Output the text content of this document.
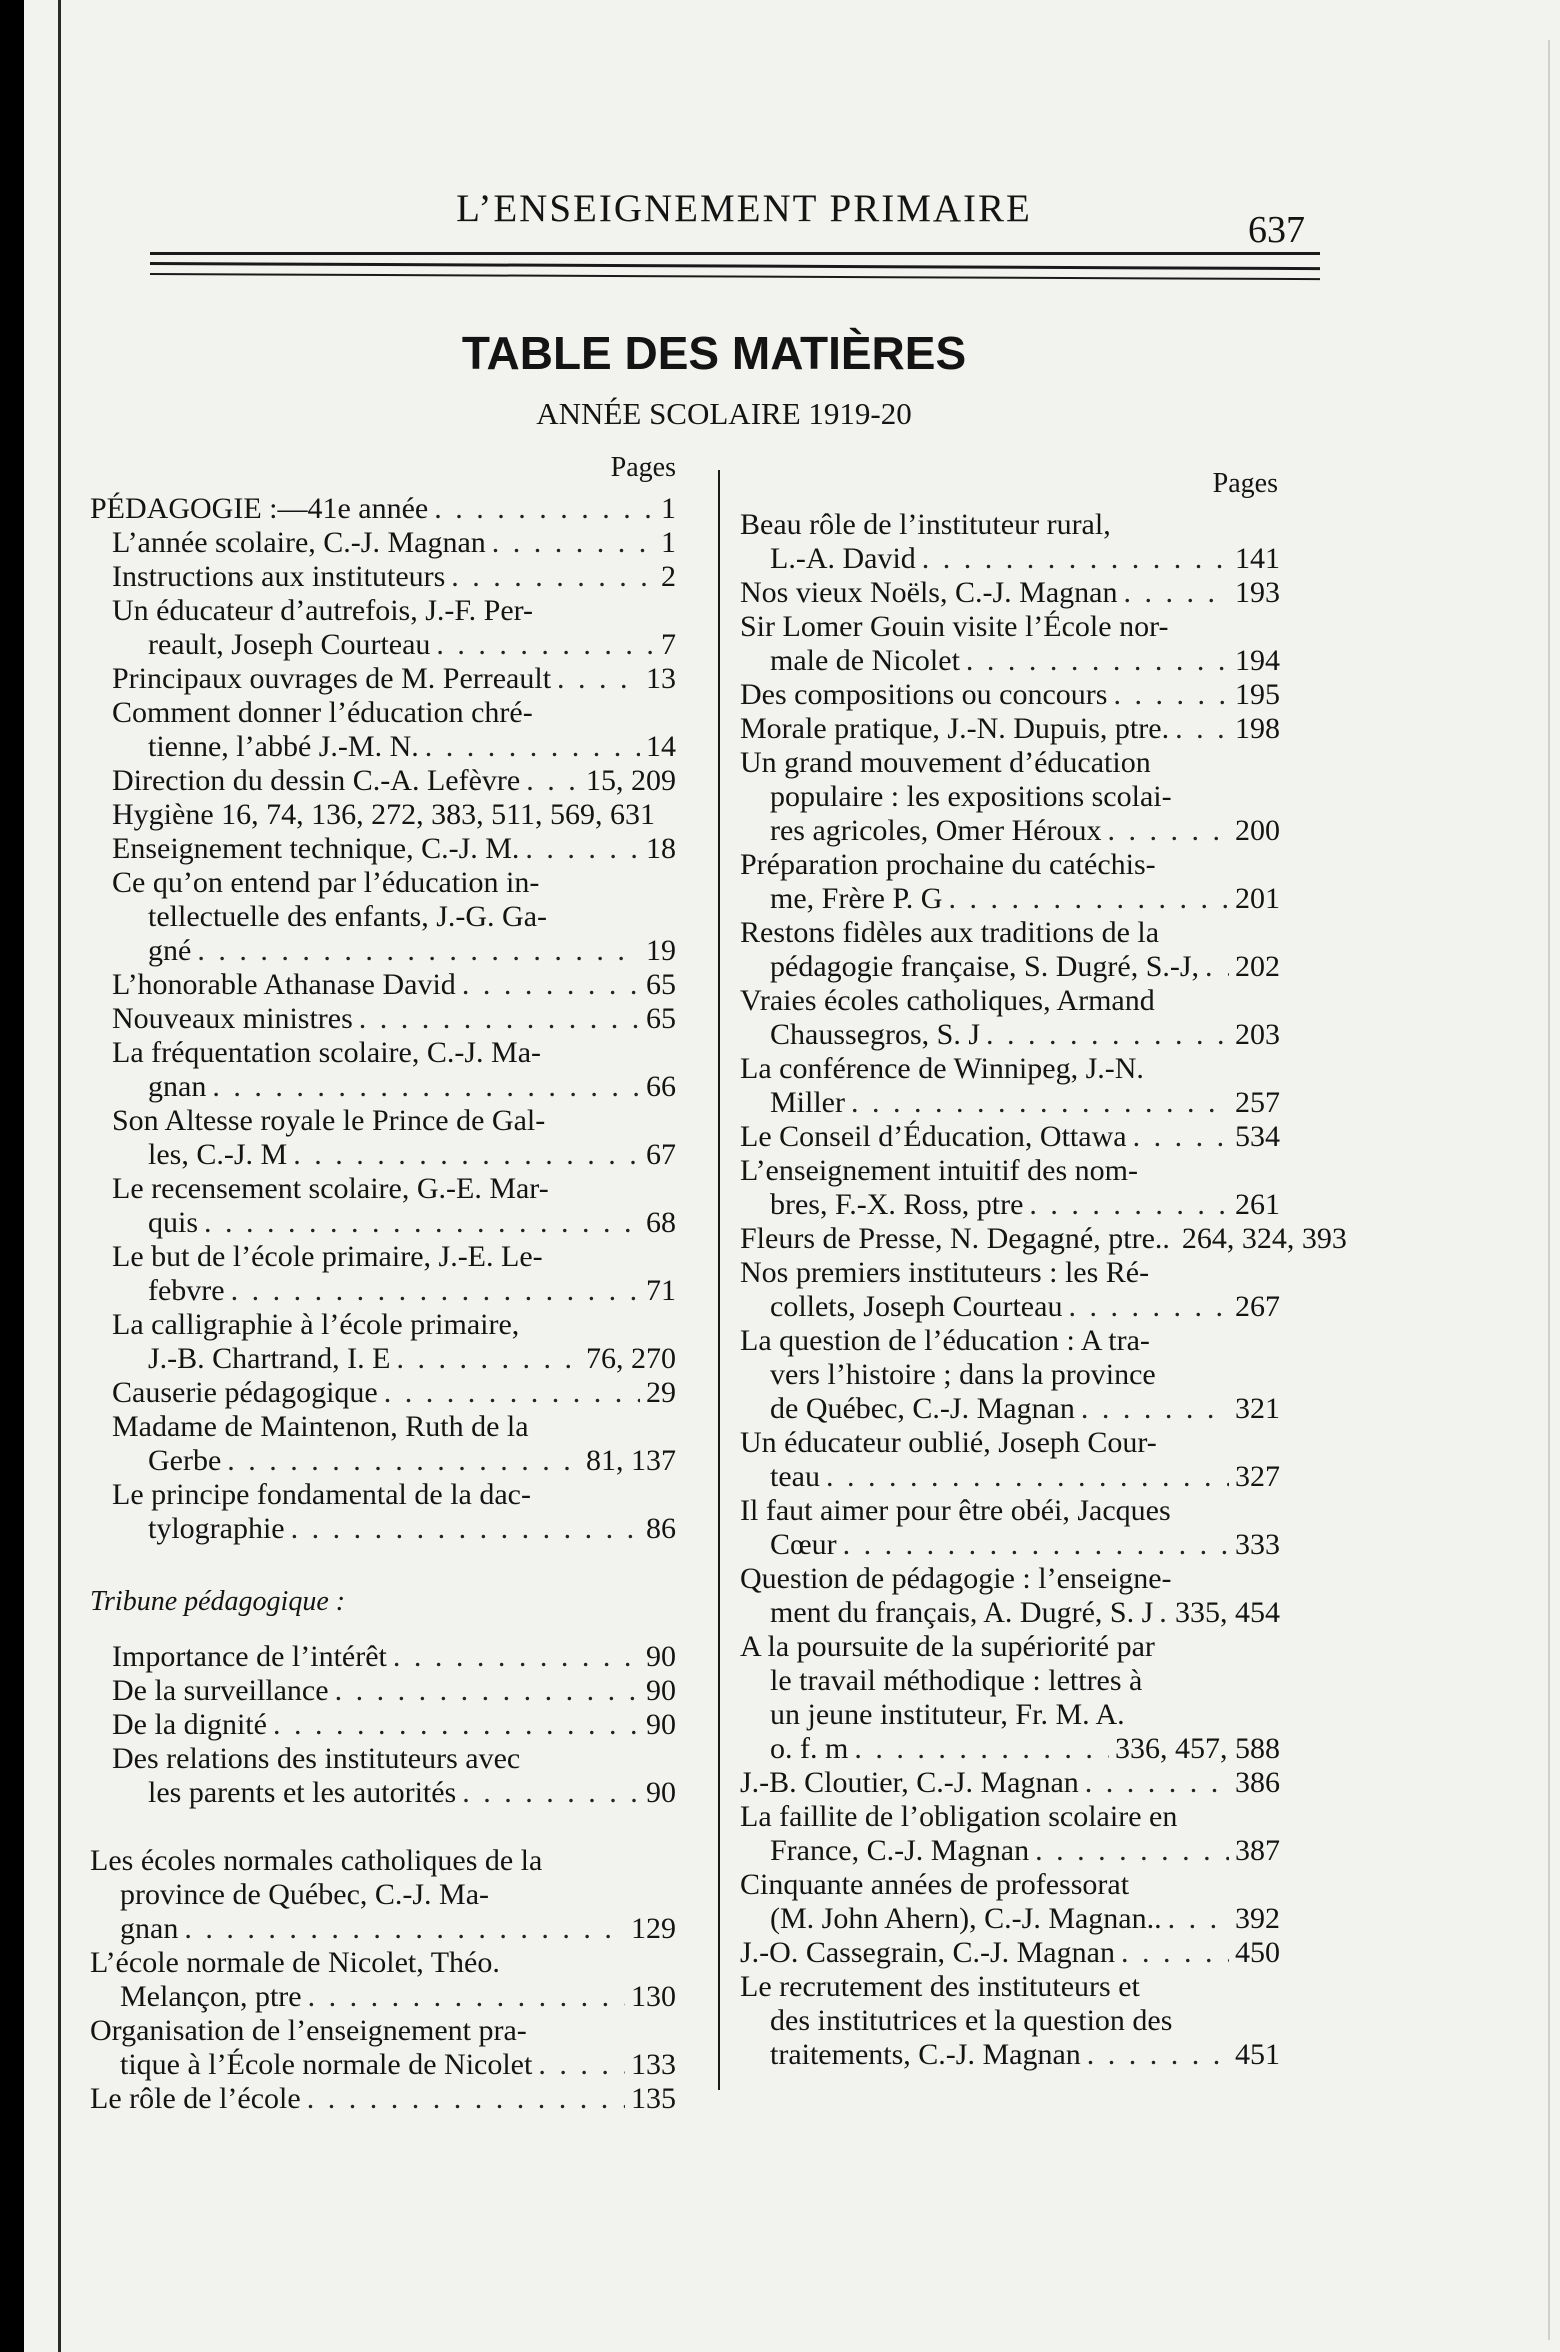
L’ENSEIGNEMENT PRIMAIRE	637
TABLE DES MATIÈRES
ANNÉE SCOLAIRE 1919-20
Pages
PÉDAGOGIE :—41e année . . .	1
L’année scolaire, C.-J. Magnan . . .	1
Instructions aux instituteurs . . .	2
Un éducateur d’autrefois, J.-F. Per-
reault, Joseph Courteau . . .	7
Principaux ouvrages de M. Perreault . . .	13
Comment donner l’éducation chré-
tienne, l’abbé J.-M. N. . . .	14
Direction du dessin C.-A. Lefèvre . . . 15, 209
Hygiène 16, 74, 136, 272, 383, 511, 569, 631
Enseignement technique, C.-J. M. . . .	18
Ce qu’on entend par l’éducation in-
tellectuelle des enfants, J.-G. Ga-
gné . . .	19
L’honorable Athanase David . . .	65
Nouveaux ministres . . .	65
La fréquentation scolaire, C.-J. Ma-
gnan . . .	66
Son Altesse royale le Prince de Gal-
les, C.-J. M . . .	67
Le recensement scolaire, G.-E. Mar-
quis . . .	68
Le but de l’école primaire, J.-E. Le-
febvre . . .	71
La calligraphie à l’école primaire,
J.-B. Chartrand, I. E . . .	76, 270
Causerie pédagogique . . .	29
Madame de Maintenon, Ruth de la
Gerbe . . .	81, 137
Le principe fondamental de la dac-
tylographie . . .	86
Tribune pédagogique :
Importance de l’intérêt . . .	90
De la surveillance . . .	90
De la dignité . . .	90
Des relations des instituteurs avec
les parents et les autorités . . .	90
Les écoles normales catholiques de la
province de Québec, C.-J. Ma-
gnan . . .	129
L’école normale de Nicolet, Théo.
Melançon, ptre . . .	130
Organisation de l’enseignement pra-
tique à l’École normale de Nicolet . . .	133
Le rôle de l’école . . .	135
Pages
Beau rôle de l’instituteur rural,
L.-A. David . . .	141
Nos vieux Noëls, C.-J. Magnan . . .	193
Sir Lomer Gouin visite l’École nor-
male de Nicolet . . .	194
Des compositions ou concours . . .	195
Morale pratique, J.-N. Dupuis, ptre. . . . 198
Un grand mouvement d’éducation
populaire : les expositions scolai-
res agricoles, Omer Héroux . . .	200
Préparation prochaine du catéchis-
me, Frère P. G . . .	201
Restons fidèles aux traditions de la
pédagogie française, S. Dugré, S.-J, . . . 202
Vraies écoles catholiques, Armand
Chaussegros, S. J . . .	203
La conférence de Winnipeg, J.-N.
Miller . . .	257
Le Conseil d’Éducation, Ottawa . . .	534
L’enseignement intuitif des nom-
bres, F.-X. Ross, ptre . . .	261
Fleurs de Presse, N. Degagné, ptre.. 264, 324, 393
Nos premiers instituteurs : les Ré-
collets, Joseph Courteau . . .	267
La question de l’éducation : A tra-
vers l’histoire ; dans la province
de Québec, C.-J. Magnan . . .	321
Un éducateur oublié, Joseph Cour-
teau . . .	327
Il faut aimer pour être obéi, Jacques
Cœur . . .	333
Question de pédagogie : l’enseigne-
ment du français, A. Dugré, S. J . . . 335, 454
A la poursuite de la supériorité par
le travail méthodique : lettres à
un jeune instituteur, Fr. M. A.
o. f. m . . .	336, 457, 588
J.-B. Cloutier, C.-J. Magnan . . .	386
La faillite de l’obligation scolaire en
France, C.-J. Magnan . . .	387
Cinquante années de professorat
(M. John Ahern), C.-J. Magnan.. . . . 392
J.-O. Cassegrain, C.-J. Magnan . . .	450
Le recrutement des instituteurs et
des institutrices et la question des
traitements, C.-J. Magnan . . .	451
